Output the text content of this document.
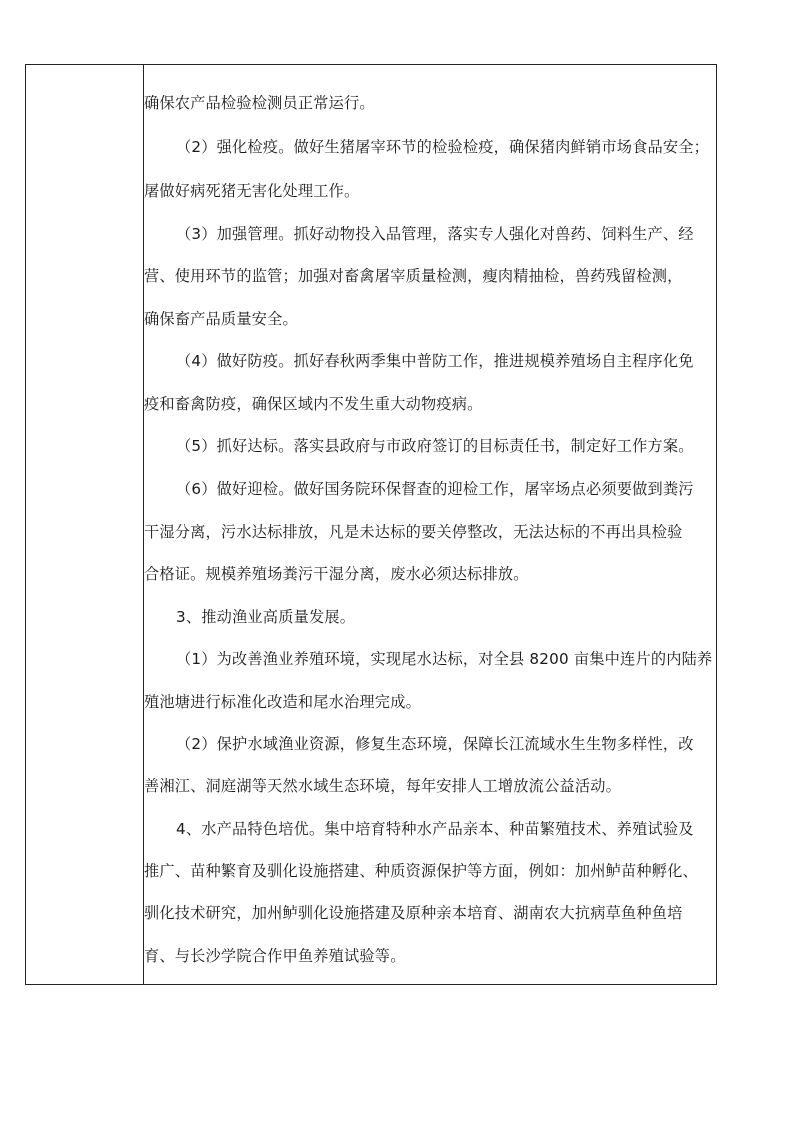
确保农产品检验检测员正常运行。
（2）强化检疫。做好生猪屠宰环节的检验检疫，确保猪肉鲜销市场食品安全；
屠做好病死猪无害化处理工作。
（3）加强管理。抓好动物投入品管理，落实专人强化对兽药、饲料生产、经
营、使用环节的监管；加强对畜禽屠宰质量检测，瘦肉精抽检，兽药残留检测，
确保畜产品质量安全。
（4）做好防疫。抓好春秋两季集中普防工作，推进规模养殖场自主程序化免
疫和畜禽防疫，确保区域内不发生重大动物疫病。
（5）抓好达标。落实县政府与市政府签订的目标责任书，制定好工作方案。
（6）做好迎检。做好国务院环保督查的迎检工作，屠宰场点必须要做到粪污
干湿分离，污水达标排放，凡是未达标的要关停整改，无法达标的不再出具检验
合格证。规模养殖场粪污干湿分离，废水必须达标排放。
3、推动渔业高质量发展。
（1）为改善渔业养殖环境，实现尾水达标，对全县 8200 亩集中连片的内陆养
殖池塘进行标准化改造和尾水治理完成。
（2）保护水域渔业资源，修复生态环境，保障长江流域水生生物多样性，改
善湘江、洞庭湖等天然水域生态环境，每年安排人工增放流公益活动。
4、水产品特色培优。集中培育特种水产品亲本、种苗繁殖技术、养殖试验及
推广、苗种繁育及驯化设施搭建、种质资源保护等方面，例如：加州鲈苗种孵化、
驯化技术研究，加州鲈驯化设施搭建及原种亲本培育、湖南农大抗病草鱼种鱼培
育、与长沙学院合作甲鱼养殖试验等。
